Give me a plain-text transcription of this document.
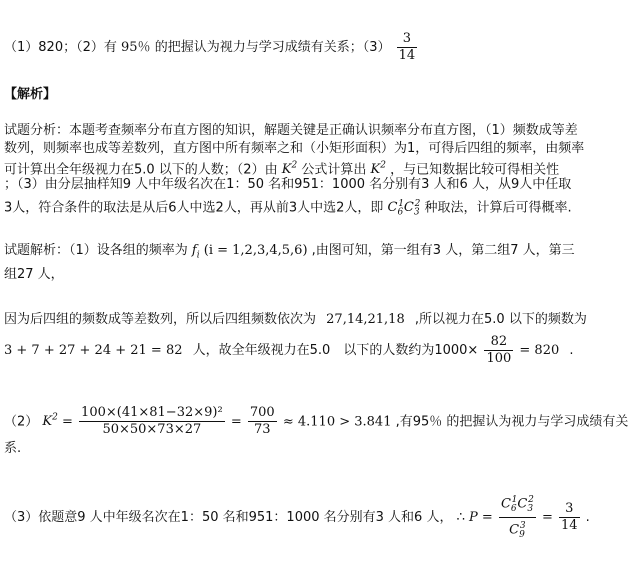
（1）820；（2）有 95％ 的把握认为视力与学习成绩有关系；$(3) \frac{3}{14}$
【解析】
试题分析：本题考查频率分布直方图的知识，解题关键是正确认识频率分布直方图，（1）频数成等差
数列，则频率也成等差数列，直方图中所有频率之和（小矩形面积）为1，可得后四组的频率，由频率
可计算出全年级视力在5.0 以下的人数；（2）由 $K^2$ 公式计算出 $K^2$ ，与已知数据比较可得相关性
；（3）由分层抽样知9 人中年级名次在1：50 名和951：1000 名分别有3 人和6 人，从9人中任取
3人，符合条件的取法是从后6人中选2人，再从前3人中选2人，即 $C_6^1C_3^2$ 种取法，计算后可得概率.
试题解析：（1）设各组的频率为 $f_i$ (i = 1,2,3,4,5,6) ,由图可知，第一组有3 人，第二组7 人，第三
组27 人，
因为后四组的频数成等差数列，所以后四组频数依次为 27,14,21,18 ,所以视力在5.0 以下的频数为
3 + 7 + 27 + 24 + 21 = 82 人，故全年级视力在5.0　以下的人数约为$1000\times \frac{82}{100} = 820$ .
（2） $K^2 = \frac{\text{100×(41×81−32×9)²}}{50\times 50\times 73\times 27} = \frac{700}{73} \approx 4.110 > 3.841$ ,有95％ 的把握认为视力与学习成绩有关
系.
（3）依题意9 人中年级名次在1：50 名和951：1000 名分别有3 人和6 人， ∴ $P = \frac{C_6^1C_3^2}{C_9^3} = \frac{3}{14}$ .
